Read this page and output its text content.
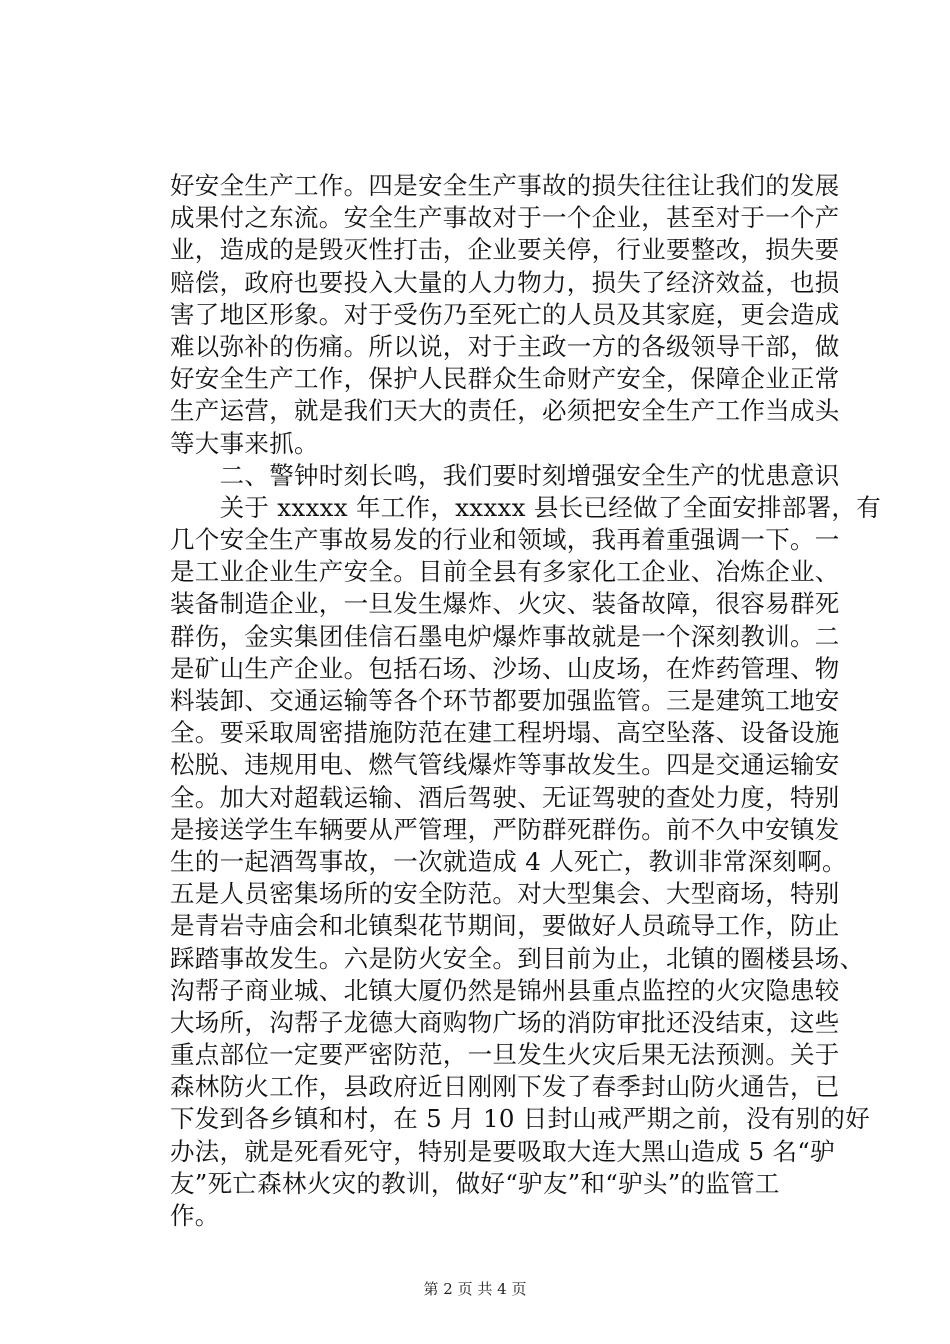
好安全生产工作。四是安全生产事故的损失往往让我们的发展
成果付之东流。安全生产事故对于一个企业，甚至对于一个产
业，造成的是毁灭性打击，企业要关停，行业要整改，损失要
赔偿，政府也要投入大量的人力物力，损失了经济效益，也损
害了地区形象。对于受伤乃至死亡的人员及其家庭，更会造成
难以弥补的伤痛。所以说，对于主政一方的各级领导干部，做
好安全生产工作，保护人民群众生命财产安全，保障企业正常
生产运营，就是我们天大的责任，必须把安全生产工作当成头
等大事来抓。
　　二、警钟时刻长鸣，我们要时刻增强安全生产的忧患意识
　　关于 xxxxx 年工作，xxxxx 县长已经做了全面安排部署，有
几个安全生产事故易发的行业和领域，我再着重强调一下。一
是工业企业生产安全。目前全县有多家化工企业、冶炼企业、
装备制造企业，一旦发生爆炸、火灾、装备故障，很容易群死
群伤，金实集团佳信石墨电炉爆炸事故就是一个深刻教训。二
是矿山生产企业。包括石场、沙场、山皮场，在炸药管理、物
料装卸、交通运输等各个环节都要加强监管。三是建筑工地安
全。要采取周密措施防范在建工程坍塌、高空坠落、设备设施
松脱、违规用电、燃气管线爆炸等事故发生。四是交通运输安
全。加大对超载运输、酒后驾驶、无证驾驶的查处力度，特别
是接送学生车辆要从严管理，严防群死群伤。前不久中安镇发
生的一起酒驾事故，一次就造成 4 人死亡，教训非常深刻啊。
五是人员密集场所的安全防范。对大型集会、大型商场，特别
是青岩寺庙会和北镇梨花节期间，要做好人员疏导工作，防止
踩踏事故发生。六是防火安全。到目前为止，北镇的圈楼县场、
沟帮子商业城、北镇大厦仍然是锦州县重点监控的火灾隐患较
大场所，沟帮子龙德大商购物广场的消防审批还没结束，这些
重点部位一定要严密防范，一旦发生火灾后果无法预测。关于
森林防火工作，县政府近日刚刚下发了春季封山防火通告，已
下发到各乡镇和村，在 5 月 10 日封山戒严期之前，没有别的好
办法，就是死看死守，特别是要吸取大连大黑山造成 5 名“驴
友”死亡森林火灾的教训，做好“驴友”和“驴头”的监管工
作。
第 2 页 共 4 页
